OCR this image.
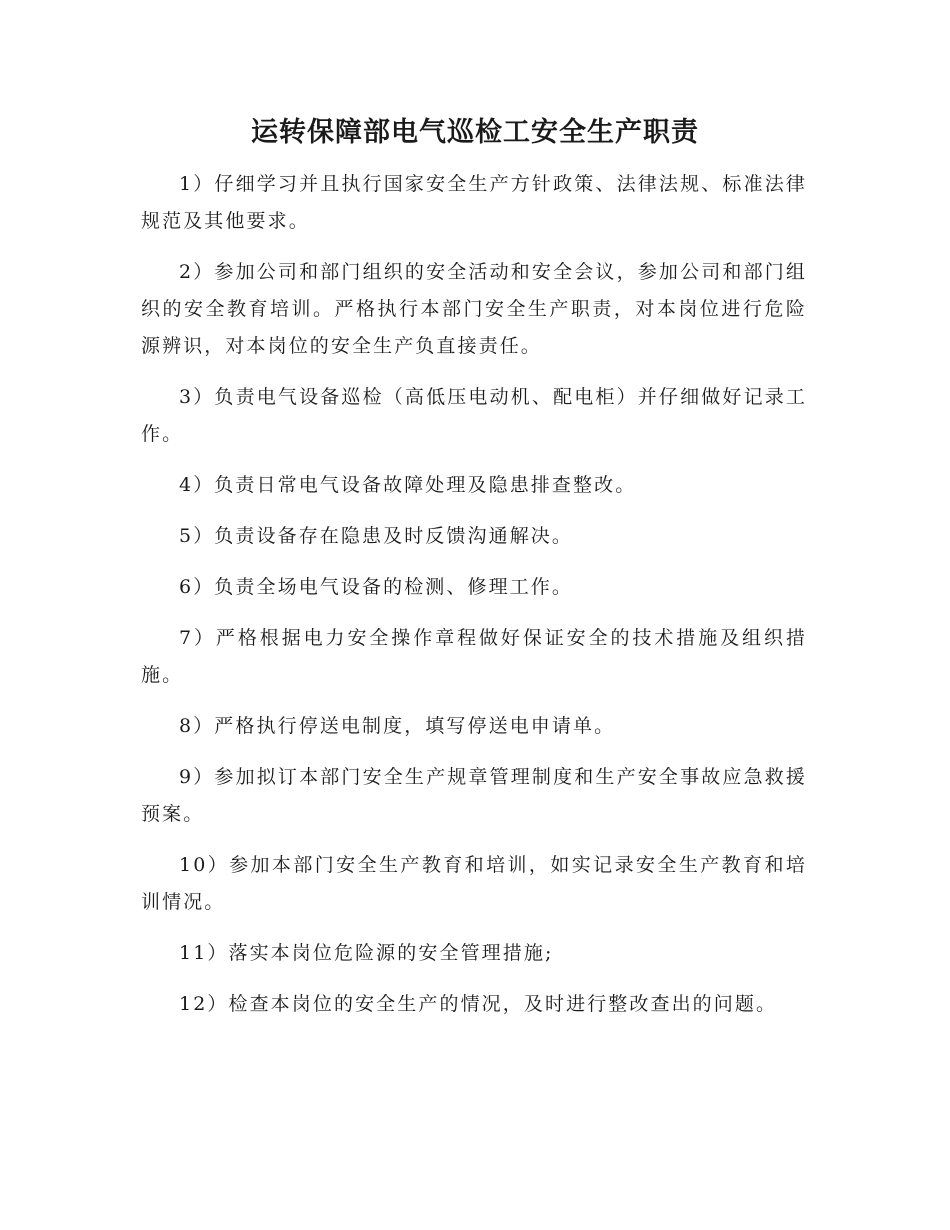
运转保障部电气巡检工安全生产职责

1）仔细学习并且执行国家安全生产方针政策、法律法规、标准法律规范及其他要求。

2）参加公司和部门组织的安全活动和安全会议，参加公司和部门组织的安全教育培训。严格执行本部门安全生产职责，对本岗位进行危险源辨识，对本岗位的安全生产负直接责任。

3）负责电气设备巡检（高低压电动机、配电柜）并仔细做好记录工作。

4）负责日常电气设备故障处理及隐患排查整改。

5）负责设备存在隐患及时反馈沟通解决。

6）负责全场电气设备的检测、修理工作。

7）严格根据电力安全操作章程做好保证安全的技术措施及组织措施。

8）严格执行停送电制度，填写停送电申请单。

9）参加拟订本部门安全生产规章管理制度和生产安全事故应急救援预案。

10）参加本部门安全生产教育和培训，如实记录安全生产教育和培训情况。

11）落实本岗位危险源的安全管理措施;

12）检查本岗位的安全生产的情况，及时进行整改查出的问题。
